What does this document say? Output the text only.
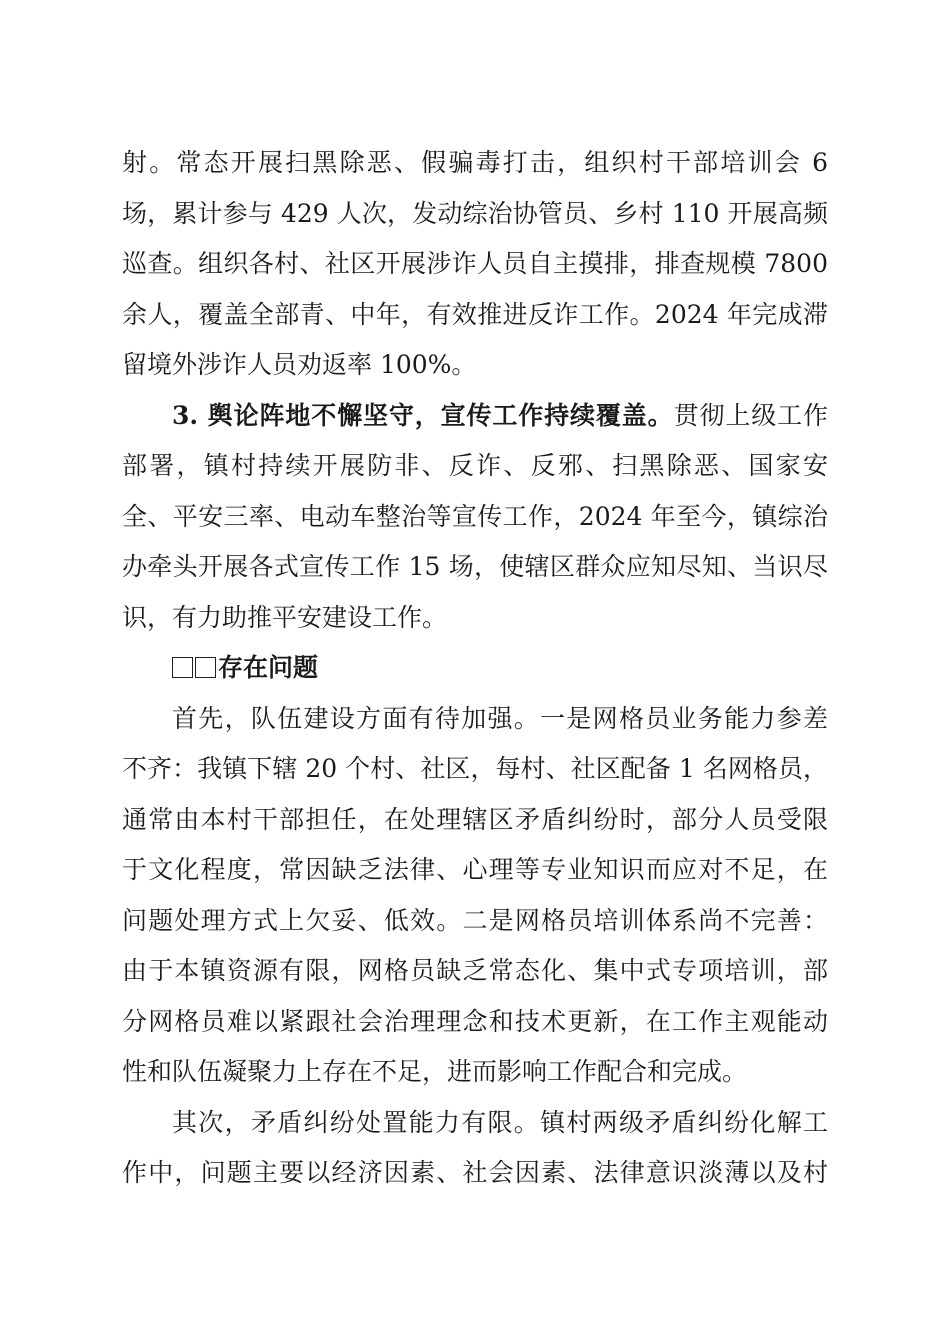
射。常态开展扫黑除恶、假骗毒打击，组织村干部培训会 6
场，累计参与 429 人次，发动综治协管员、乡村 110 开展高频
巡查。组织各村、社区开展涉诈人员自主摸排，排查规模 7800
余人，覆盖全部青、中年，有效推进反诈工作。2024 年完成滞
留境外涉诈人员劝返率 100%。
3. 舆论阵地不懈坚守，宣传工作持续覆盖。贯彻上级工作
部署，镇村持续开展防非、反诈、反邪、扫黑除恶、国家安
全、平安三率、电动车整治等宣传工作，2024 年至今，镇综治
办牵头开展各式宣传工作 15 场，使辖区群众应知尽知、当识尽
识，有力助推平安建设工作。
存在问题
首先，队伍建设方面有待加强。一是网格员业务能力参差
不齐：我镇下辖 20 个村、社区，每村、社区配备 1 名网格员，
通常由本村干部担任，在处理辖区矛盾纠纷时，部分人员受限
于文化程度，常因缺乏法律、心理等专业知识而应对不足，在
问题处理方式上欠妥、低效。二是网格员培训体系尚不完善：
由于本镇资源有限，网格员缺乏常态化、集中式专项培训，部
分网格员难以紧跟社会治理理念和技术更新，在工作主观能动
性和队伍凝聚力上存在不足，进而影响工作配合和完成。
其次，矛盾纠纷处置能力有限。镇村两级矛盾纠纷化解工
作中，问题主要以经济因素、社会因素、法律意识淡薄以及村
